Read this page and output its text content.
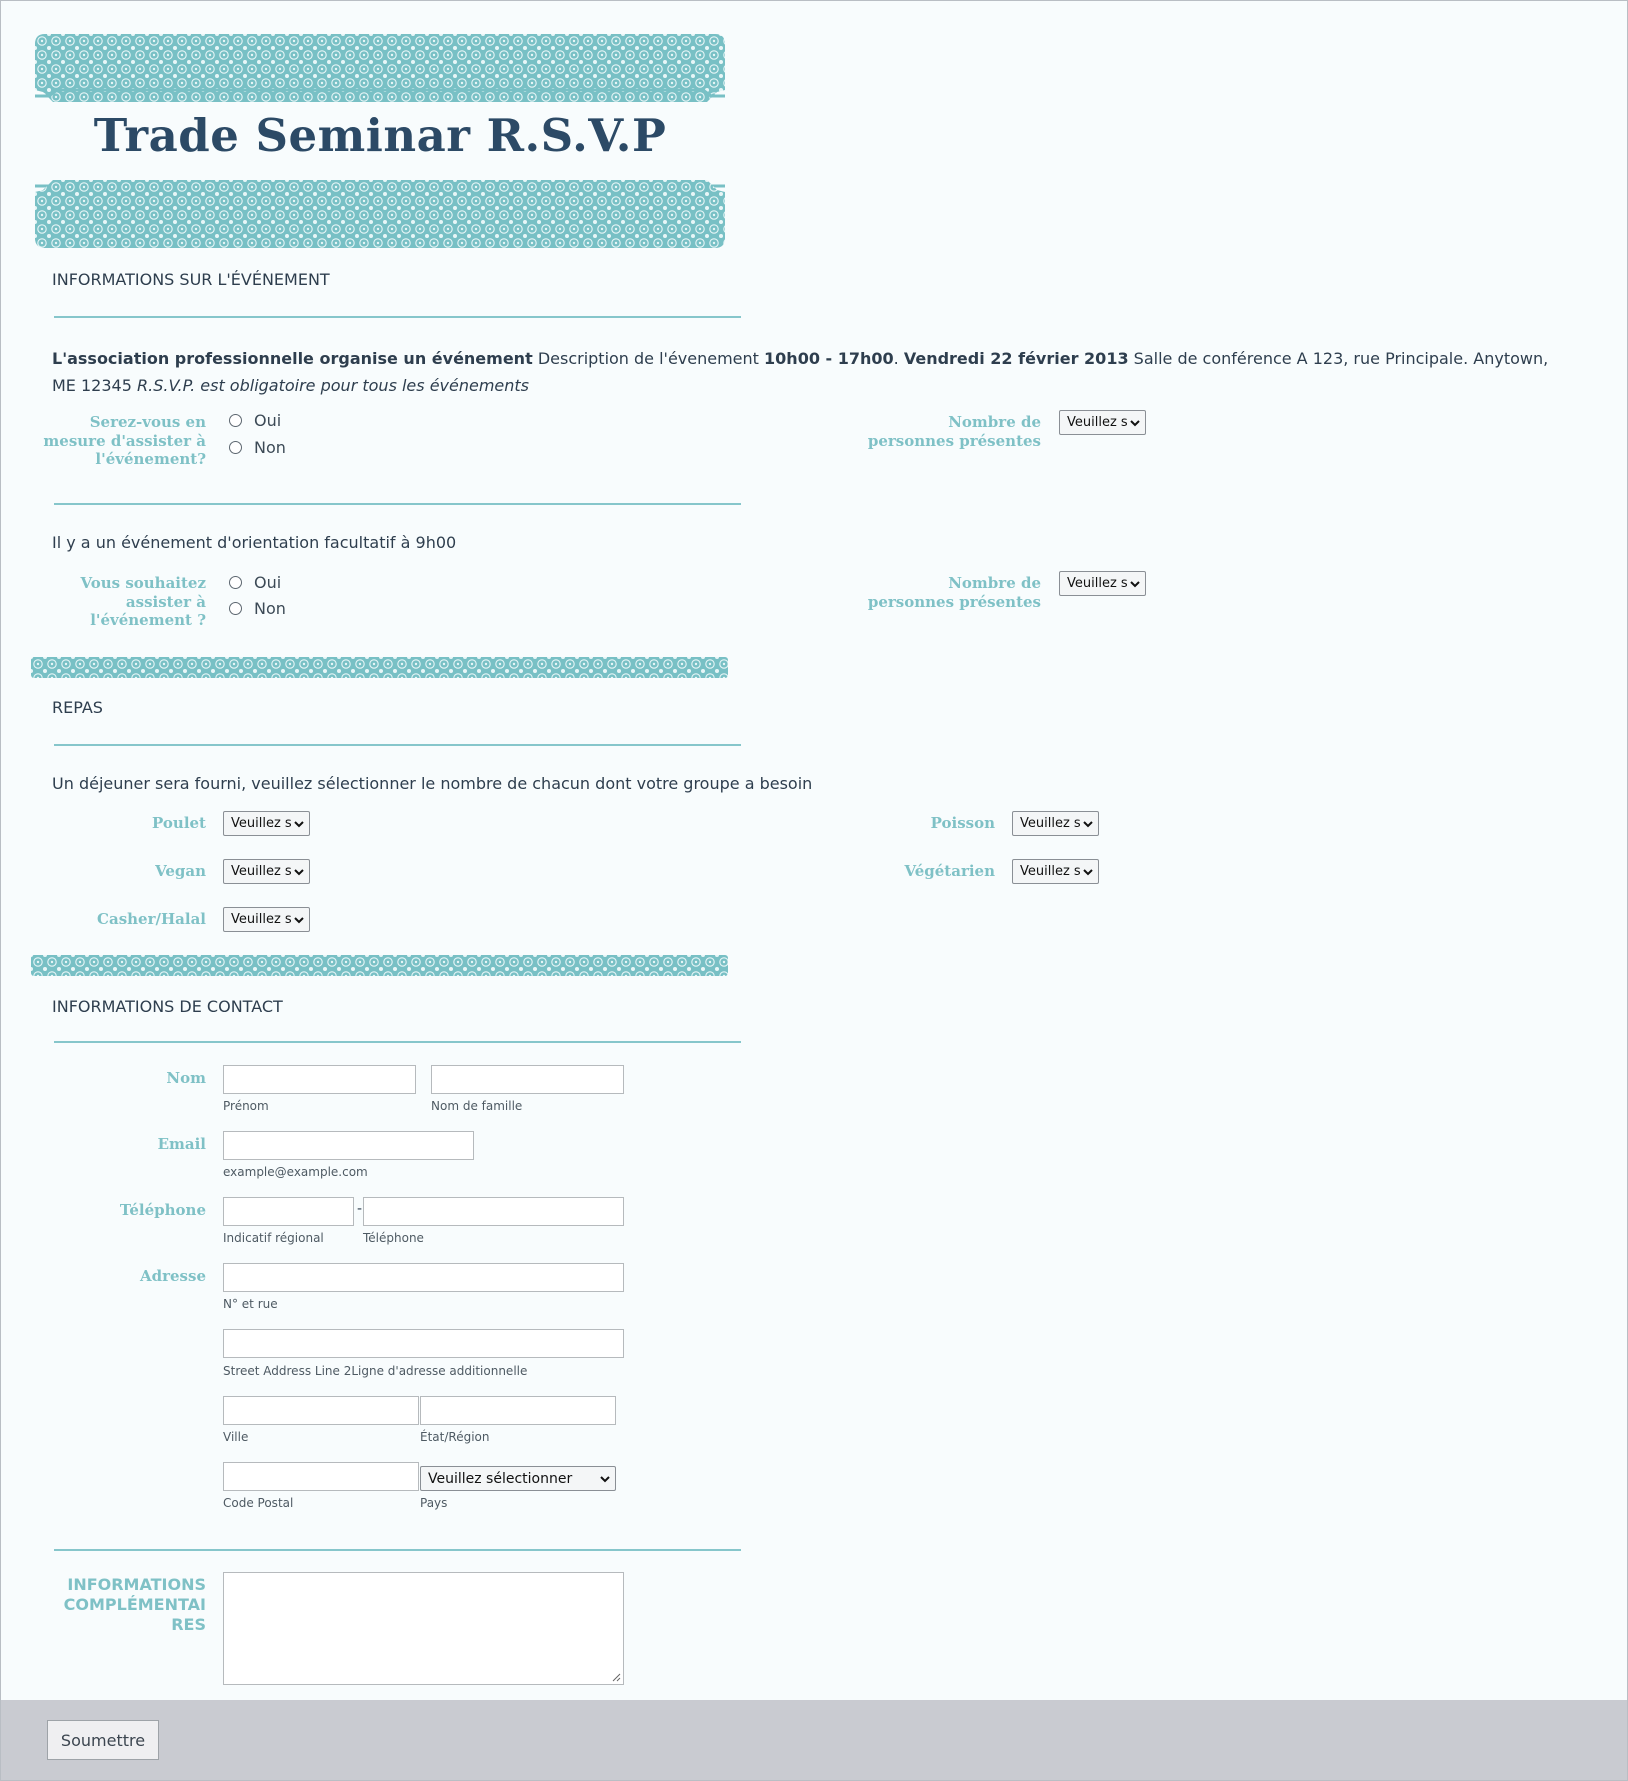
Trade Seminar R.S.V.P
INFORMATIONS SUR L'ÉVÉNEMENT
L'association professionnelle organise un événement Description de l'évenement 10h00 - 17h00. Vendredi 22 février 2013 Salle de conférence A 123, rue Principale. Anytown, ME 12345 R.S.V.P. est obligatoire pour tous les événements
Serez-vous en mesure d'assister à l'événement?
Oui
Non
Nombre de personnes présentes
Veuillez s
Il y a un événement d'orientation facultatif à 9h00
Vous souhaitez assister à l'événement ?
Oui
Non
Nombre de personnes présentes
Veuillez s
REPAS
Un déjeuner sera fourni, veuillez sélectionner le nombre de chacun dont votre groupe a besoin
Poulet Veuillez s	Poisson Veuillez s
Vegan Veuillez s	Végétarien Veuillez s
Casher/Halal Veuillez s
INFORMATIONS DE CONTACT
Nom
Prénom	Nom de famille
Email
example@example.com
Téléphone	-
Indicatif régional	Téléphone
Adresse
N° et rue
Street Address Line 2Ligne d'adresse additionnelle
Ville	État/Région
Veuillez sélectionner
Code Postal	Pays
INFORMATIONS COMPLÉMENTAIRES
Soumettre
